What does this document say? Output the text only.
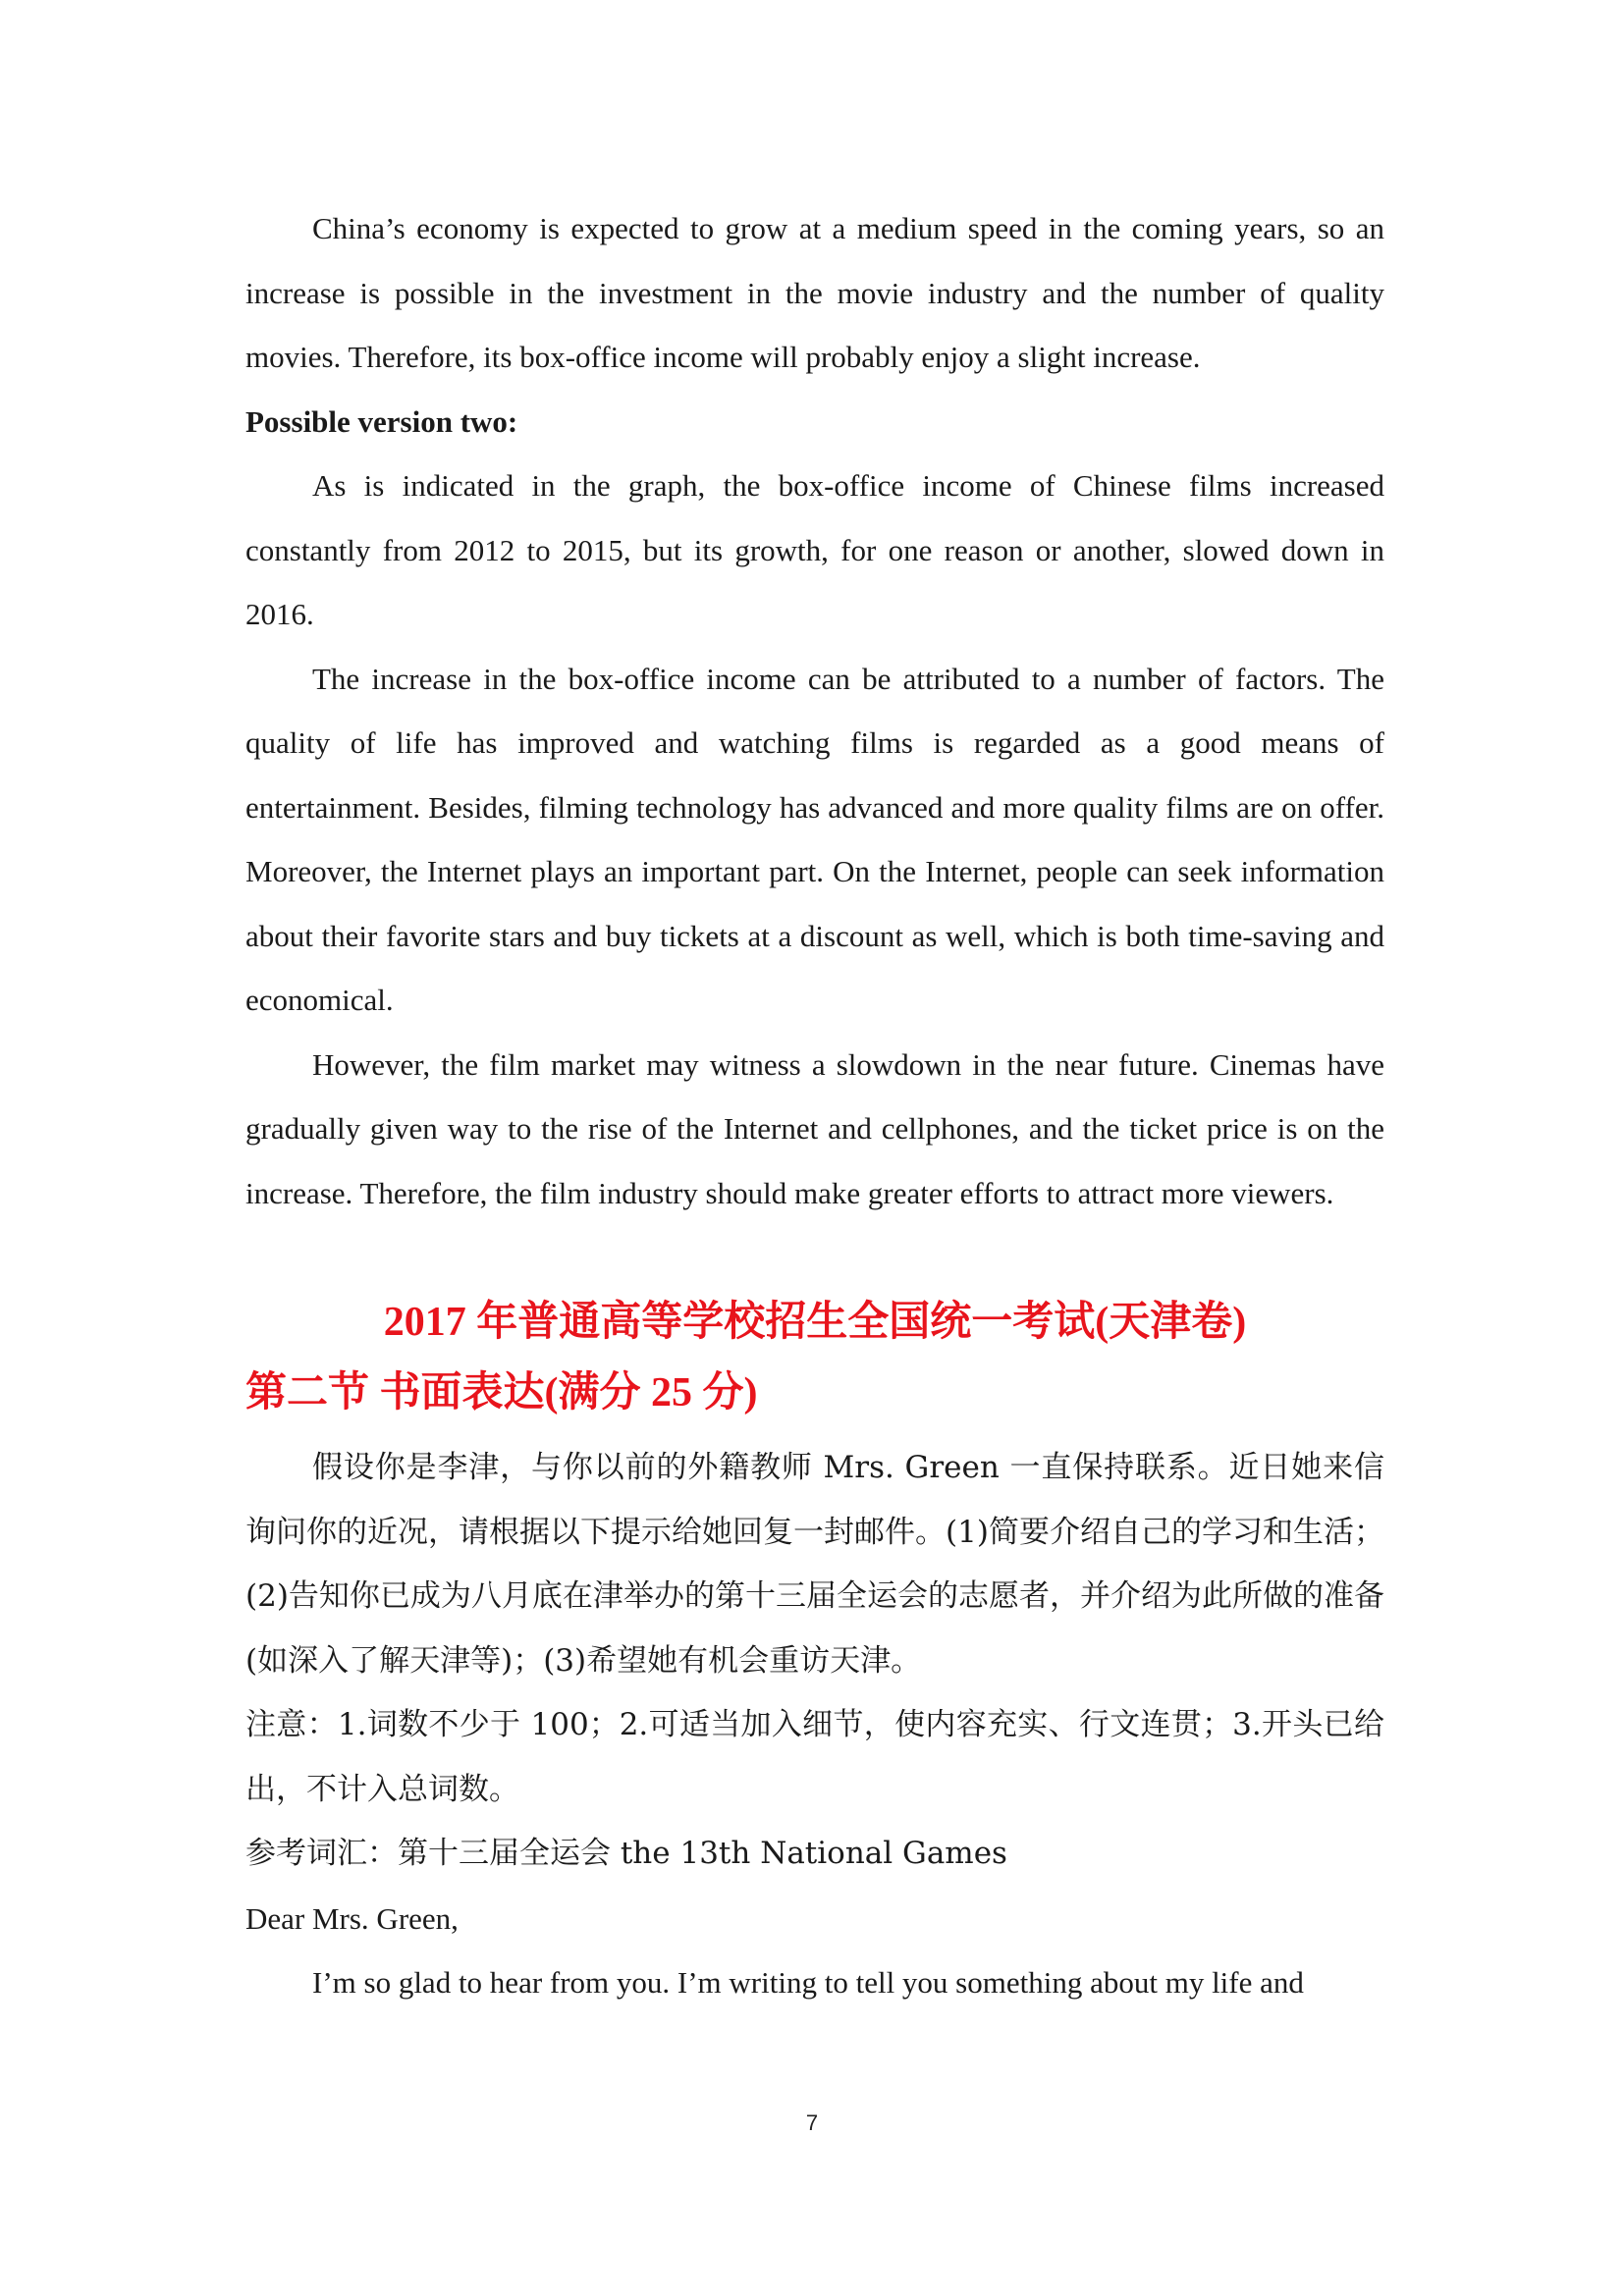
China’s economy is expected to grow at a medium speed in the coming years, so an increase is possible in the investment in the movie industry and the number of quality movies. Therefore, its box-office income will probably enjoy a slight increase.

Possible version two:

As is indicated in the graph, the box-office income of Chinese films increased constantly from 2012 to 2015, but its growth, for one reason or another, slowed down in 2016.

The increase in the box-office income can be attributed to a number of factors. The quality of life has improved and watching films is regarded as a good means of entertainment. Besides, filming technology has advanced and more quality films are on offer. Moreover, the Internet plays an important part. On the Internet, people can seek information about their favorite stars and buy tickets at a discount as well, which is both time-saving and economical.

However, the film market may witness a slowdown in the near future. Cinemas have gradually given way to the rise of the Internet and cellphones, and the ticket price is on the increase. Therefore, the film industry should make greater efforts to attract more viewers.

2017 年普通高等学校招生全国统一考试(天津卷)
第二节 书面表达(满分 25 分)

假设你是李津，与你以前的外籍教师 Mrs. Green 一直保持联系。近日她来信询问你的近况，请根据以下提示给她回复一封邮件。(1)简要介绍自己的学习和生活；(2)告知你已成为八月底在津举办的第十三届全运会的志愿者，并介绍为此所做的准备(如深入了解天津等)；(3)希望她有机会重访天津。

注意：1.词数不少于 100；2.可适当加入细节，使内容充实、行文连贯；3.开头已给出，不计入总词数。

参考词汇：第十三届全运会 the 13th National Games

Dear Mrs. Green,

I’m so glad to hear from you. I’m writing to tell you something about my life and

7
